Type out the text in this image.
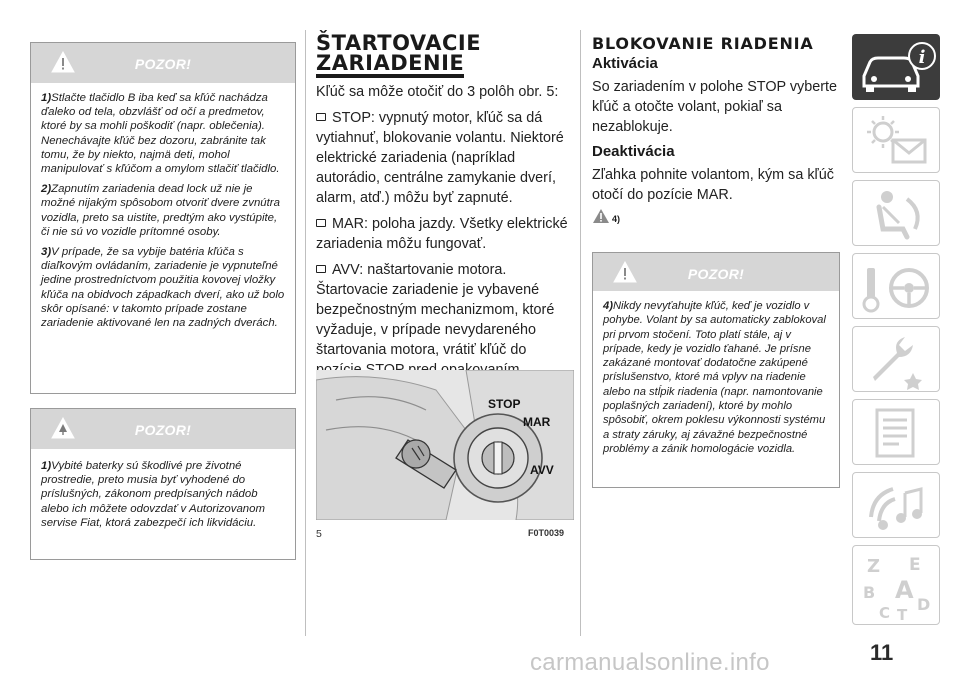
POZOR!

1)Stlačte tlačidlo B iba keď sa kľúč nachádza ďaleko od tela, obzvlášť od očí a predmetov, ktoré by sa mohli poškodiť (napr. oblečenia). Nenechávajte kľúč bez dozoru, zabránite tak tomu, že by niekto, najmä deti, mohol manipulovať s kľúčom a omylom stlačiť tlačidlo.

2)Zapnutím zariadenia dead lock už nie je možné nijakým spôsobom otvoriť dvere zvnútra vozidla, preto sa uistite, predtým ako vystúpite, či nie sú vo vozidle prítomné osoby.

3)V prípade, že sa vybije batéria kľúča s diaľkovým ovládaním, zariadenie je vypnuteľné jedine prostredníctvom použitia kovovej vložky kľúča na obidvoch západkach dverí, ako už bolo skôr opísané: v takomto prípade zostane zariadenie aktivované len na zadných dverách.

POZOR!

1)Vybité baterky sú škodlivé pre životné prostredie, preto musia byť vyhodené do príslušných, zákonom predpísaných nádob alebo ich môžete odovzdať v Autorizovanom servise Fiat, ktorá zabezpečí ich likvidáciu.

ŠTARTOVACIE
ZARIADENIE

Kľúč sa môže otočiť do 3 polôh obr. 5:

STOP: vypnutý motor, kľúč sa dá vytiahnuť, blokovanie volantu. Niektoré elektrické zariadenia (napríklad autorádio, centrálne zamykanie dverí, alarm, atď.) môžu byť zapnuté.

MAR: poloha jazdy. Všetky elektrické zariadenia môžu fungovať.

AVV: naštartovanie motora. Štartovacie zariadenie je vybavené bezpečnostným mechanizmom, ktoré vyžaduje, v prípade nevydareného štartovania motora, vrátiť kľúč do

STOP
MAR
AVV
5	F0T0039
BLOKOVANIE RIADENIA
Aktivácia
So zariadením v polohe STOP vyberte kľúč a otočte volant, pokiaľ sa nezablokuje.
Deaktivácia
Zľahka pohnite volantom, kým sa kľúč otočí do pozície MAR.
4)
POZOR!

4)Nikdy nevyťahujte kľúč, keď je vozidlo v pohybe. Volant by sa automaticky zablokoval pri prvom stočení. Toto platí stále, aj v prípade, kedy je vozidlo ťahané. Je prísne zakázané montovať dodatočne zakúpené príslušenstvo, ktoré má vplyv na riadenie alebo na stĺpik riadenia (napr. namontovanie poplašných zariadení), ktoré by mohlo spôsobiť, okrem poklesu výkonnosti systému a straty záruky, aj závažné bezpečnostné problémy a zánik homologácie vozidla.

i
Z E
B A
C T
D
11
carmanualsonline.info
